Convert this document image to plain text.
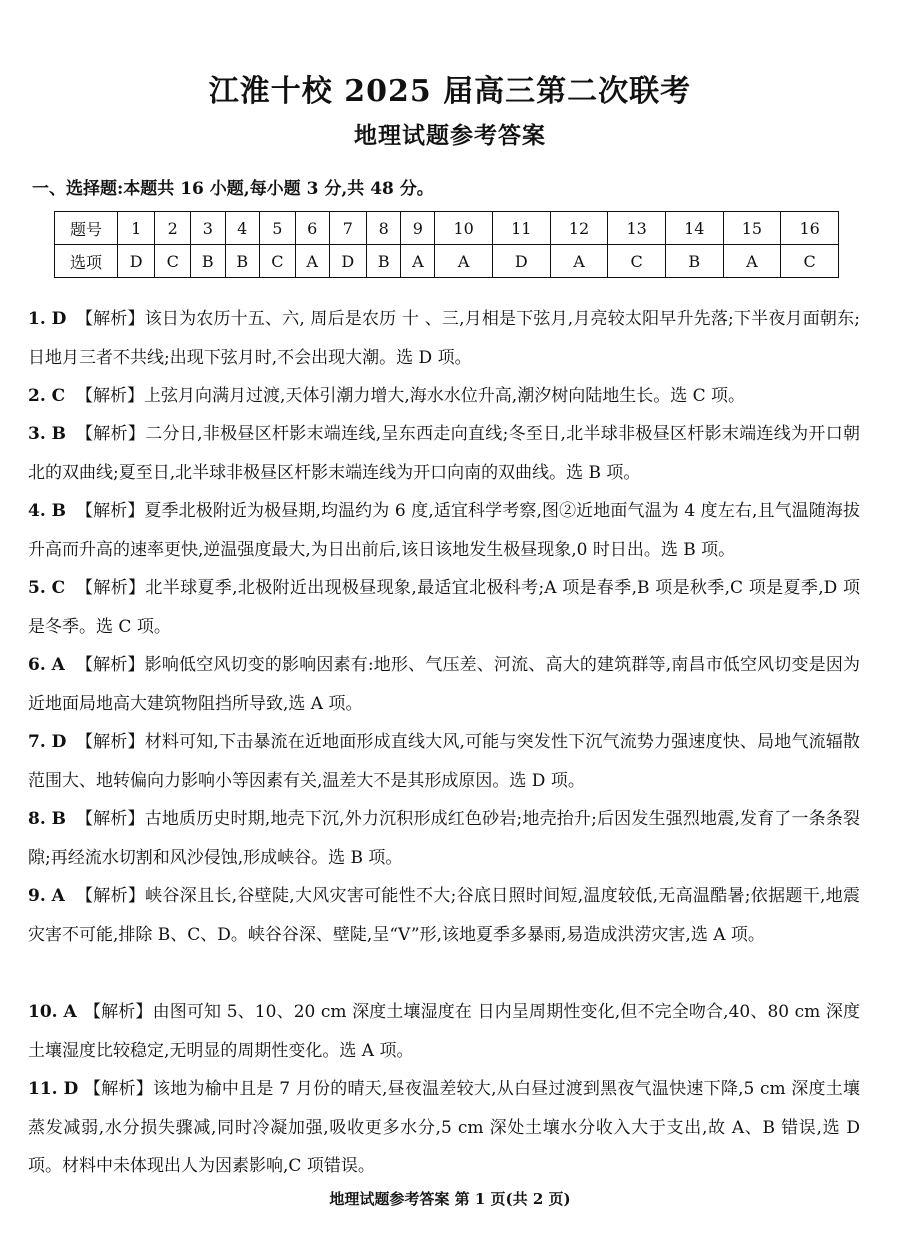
江淮十校 2025 届高三第二次联考
地理试题参考答案
一、选择题:本题共 16 小题,每小题 3 分,共 48 分。
题号	1	2	3	4	5	6	7	8	9	10	11	12	13	14	15	16
选项	D	C	B	B	C	A	D	B	A	A	D	A	C	B	A	C
1. D 【解析】该日为农历十五、六, 周后是农历 十 、三,月相是下弦月,月亮较太阳早升先落;下半夜月面朝东;日地月三者不共线;出现下弦月时,不会出现大潮。选 D 项。
2. C 【解析】上弦月向满月过渡,天体引潮力增大,海水水位升高,潮汐树向陆地生长。选 C 项。
3. B 【解析】二分日,非极昼区杆影末端连线,呈东西走向直线;冬至日,北半球非极昼区杆影末端连线为开口朝北的双曲线;夏至日,北半球非极昼区杆影末端连线为开口向南的双曲线。选 B 项。
4. B 【解析】夏季北极附近为极昼期,均温约为 6 度,适宜科学考察,图②近地面气温为 4 度左右,且气温随海拔升高而升高的速率更快,逆温强度最大,为日出前后,该日该地发生极昼现象,0 时日出。选 B 项。
5. C 【解析】北半球夏季,北极附近出现极昼现象,最适宜北极科考;A 项是春季,B 项是秋季,C 项是夏季,D 项是冬季。选 C 项。
6. A 【解析】影响低空风切变的影响因素有:地形、气压差、河流、高大的建筑群等,南昌市低空风切变是因为近地面局地高大建筑物阻挡所导致,选 A 项。
7. D 【解析】材料可知,下击暴流在近地面形成直线大风,可能与突发性下沉气流势力强速度快、局地气流辐散范围大、地转偏向力影响小等因素有关,温差大不是其形成原因。选 D 项。
8. B 【解析】古地质历史时期,地壳下沉,外力沉积形成红色砂岩;地壳抬升;后因发生强烈地震,发育了一条条裂隙;再经流水切割和风沙侵蚀,形成峡谷。选 B 项。
9. A 【解析】峡谷深且长,谷壁陡,大风灾害可能性不大;谷底日照时间短,温度较低,无高温酷暑;依据题干,地震灾害不可能,排除 B、C、D。峡谷谷深、壁陡,呈“V”形,该地夏季多暴雨,易造成洪涝灾害,选 A 项。
10. A 【解析】由图可知 5、10、20 cm 深度土壤湿度在 日内呈周期性变化,但不完全吻合,40、80 cm 深度土壤湿度比较稳定,无明显的周期性变化。选 A 项。
11. D 【解析】该地为榆中且是 7 月份的晴天,昼夜温差较大,从白昼过渡到黑夜气温快速下降,5 cm 深度土壤蒸发减弱,水分损失骤减,同时冷凝加强,吸收更多水分,5 cm 深处土壤水分收入大于支出,故 A、B 错误,选 D 项。材料中未体现出人为因素影响,C 项错误。
地理试题参考答案 第 1 页(共 2 页)
